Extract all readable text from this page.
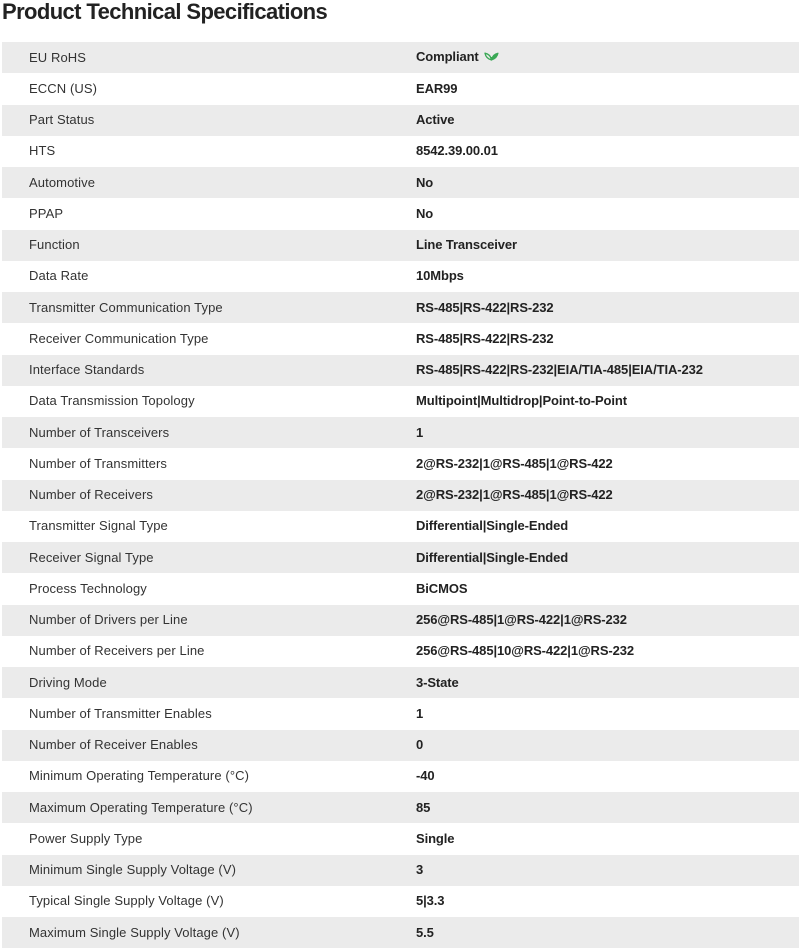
Product Technical Specifications
EU RoHS	Compliant
ECCN (US)	EAR99
Part Status	Active
HTS	8542.39.00.01
Automotive	No
PPAP	No
Function	Line Transceiver
Data Rate	10Mbps
Transmitter Communication Type	RS-485|RS-422|RS-232
Receiver Communication Type	RS-485|RS-422|RS-232
Interface Standards	RS-485|RS-422|RS-232|EIA/TIA-485|EIA/TIA-232
Data Transmission Topology	Multipoint|Multidrop|Point-to-Point
Number of Transceivers	1
Number of Transmitters	2@RS-232|1@RS-485|1@RS-422
Number of Receivers	2@RS-232|1@RS-485|1@RS-422
Transmitter Signal Type	Differential|Single-Ended
Receiver Signal Type	Differential|Single-Ended
Process Technology	BiCMOS
Number of Drivers per Line	256@RS-485|1@RS-422|1@RS-232
Number of Receivers per Line	256@RS-485|10@RS-422|1@RS-232
Driving Mode	3-State
Number of Transmitter Enables	1
Number of Receiver Enables	0
Minimum Operating Temperature (°C)	-40
Maximum Operating Temperature (°C)	85
Power Supply Type	Single
Minimum Single Supply Voltage (V)	3
Typical Single Supply Voltage (V)	5|3.3
Maximum Single Supply Voltage (V)	5.5
